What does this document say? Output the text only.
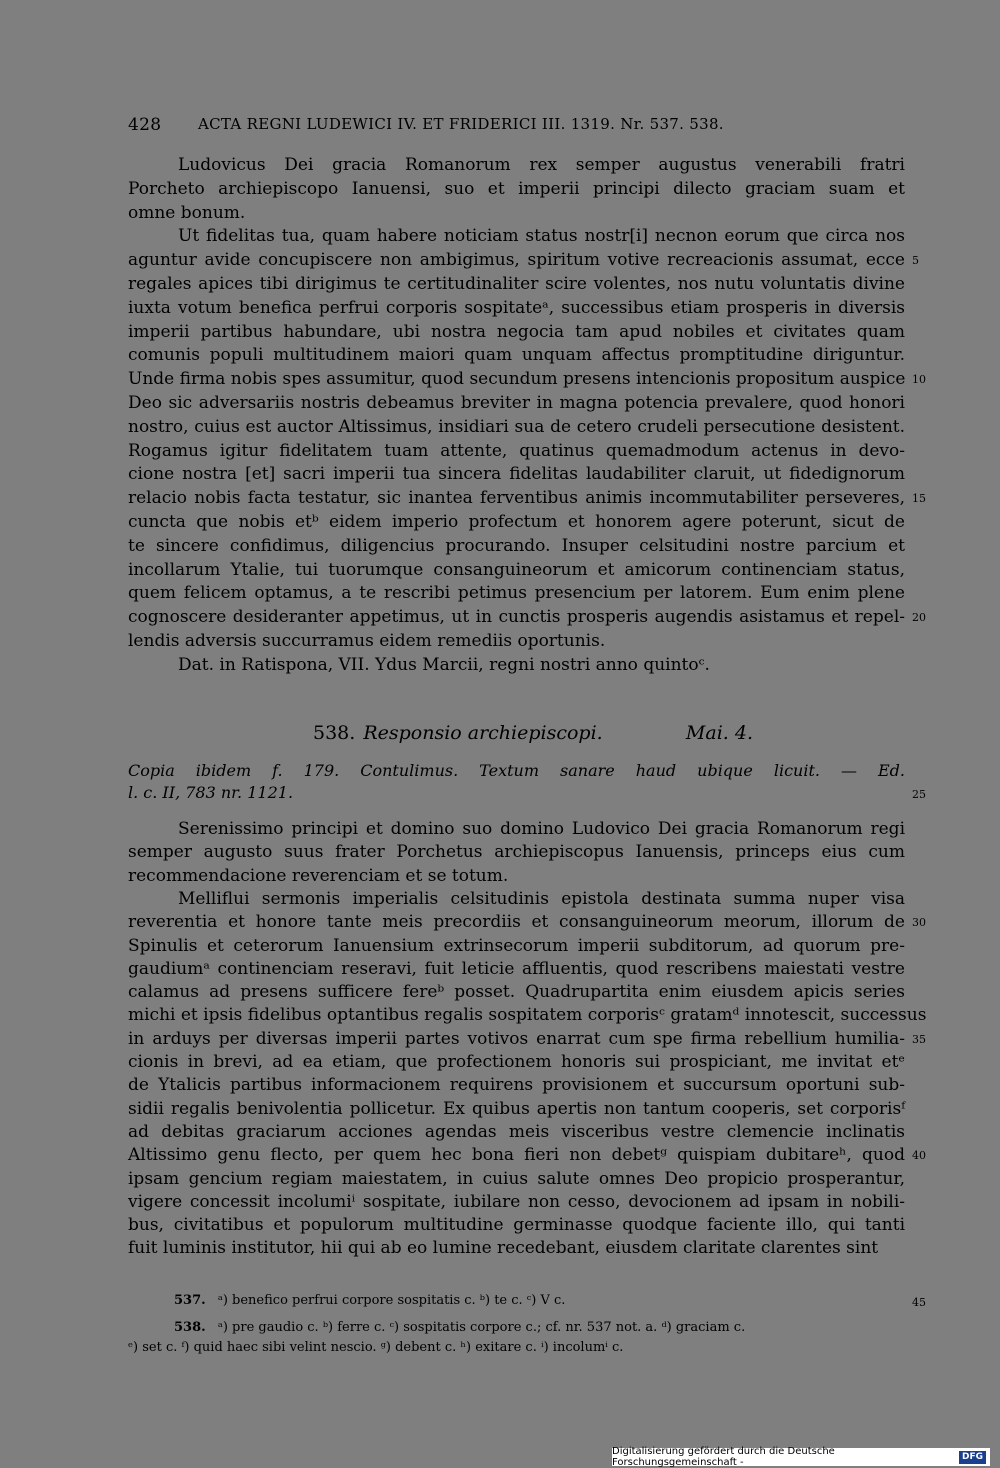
428	ACTA REGNI LUDEWICI IV. ET FRIDERICI III. 1319. Nr. 537. 538.
Ludovicus Dei gracia Romanorum rex semper augustus venerabili fratri
Porcheto archiepiscopo Ianuensi, suo et imperii principi dilecto graciam suam et
omne bonum.
Ut fidelitas tua, quam habere noticiam status nostr[i] necnon eorum que circa nos
aguntur avide concupiscere non ambigimus, spiritum votive recreacionis assumat, ecce
regales apices tibi dirigimus te certitudinaliter scire volentes, nos nutu voluntatis divine
iuxta votum benefica perfrui corporis sospitateᵃ, successibus etiam prosperis in diversis
imperii partibus habundare, ubi nostra negocia tam apud nobiles et civitates quam
comunis populi multitudinem maiori quam unquam affectus promptitudine diriguntur.
Unde firma nobis spes assumitur, quod secundum presens intencionis propositum auspice
Deo sic adversariis nostris debeamus breviter in magna potencia prevalere, quod honori
nostro, cuius est auctor Altissimus, insidiari sua de cetero crudeli persecutione desistent.
Rogamus igitur fidelitatem tuam attente, quatinus quemadmodum actenus in devo-
cione nostra [et] sacri imperii tua sincera fidelitas laudabiliter claruit, ut fidedignorum
relacio nobis facta testatur, sic inantea ferventibus animis incommutabiliter perseveres,
cuncta que nobis etᵇ eidem imperio profectum et honorem agere poterunt, sicut de
te sincere confidimus, diligencius procurando. Insuper celsitudini nostre parcium et
incollarum Ytalie, tui tuorumque consanguineorum et amicorum continenciam status,
quem felicem optamus, a te rescribi petimus presencium per latorem. Eum enim plene
cognoscere desideranter appetimus, ut in cunctis prosperis augendis asistamus et repel-
lendis adversis succurramus eidem remediis oportunis.
Dat. in Ratispona, VII. Ydus Marcii, regni nostri anno quintoᶜ.
538. Responsio archiepiscopi.	Mai. 4.
Copia ibidem f. 179. Contulimus. Textum sanare haud ubique licuit. — Ed.
l. c. II, 783 nr. 1121.	25
Serenissimo principi et domino suo domino Ludovico Dei gracia Romanorum regi
semper augusto suus frater Porchetus archiepiscopus Ianuensis, princeps eius cum
recommendacione reverenciam et se totum.
Mellifluі sermonis imperialis celsitudinis epistola destinata summa nuper visa
reverentia et honore tante meis precordiis et consanguineorum meorum, illorum de
Spinulis et ceterorum Ianuensium extrinsecorum imperii subditorum, ad quorum pre-
gaudiumᵃ continenciam reseravi, fuit leticie affluentis, quod rescribens maiestati vestre
calamus ad presens sufficere fereᵇ posset. Quadrupartita enim eiusdem apicis series
michi et ipsis fidelibus optantibus regalis sospitatem corporisᶜ gratamᵈ innotescit, successus
in arduys per diversas imperii partes votivos enarrat cum spe firma rebellium humilia-
cionis in brevi, ad ea etiam, que profectionem honoris sui prospiciant, me invitat etᵉ
de Ytalicis partibus informacionem requirens provisionem et succursum oportuni sub-
sidii regalis benivolentia pollicetur. Ex quibus apertis non tantum cooperis, set corporisᶠ
ad debitas graciarum acciones agendas meis visceribus vestre clemencie inclinatis
Altissimo genu flecto, per quem hec bona fieri non debetᵍ quispiam dubitareʰ, quod
ipsam gencium regiam maiestatem, in cuius salute omnes Deo propicio prosperantur,
vigere concessit incolumiⁱ sospitate, iubilare non cesso, devocionem ad ipsam in nobili-
bus, civitatibus et populorum multitudine germinasse quodque faciente illo, qui tanti
fuit luminis institutor, hii qui ab eo lumine recedebant, eiusdem claritate clarentes sint
537. ᵃ) benefico perfrui corpore sospitatis c. ᵇ) te c. ᶜ) V c.	45
538. ᵃ) pre gaudio c. ᵇ) ferre c. ᶜ) sospitatis corpore c.; cf. nr. 537 not. a. ᵈ) graciam c.
ᵉ) set c. ᶠ) quid haec sibi velint nescio. ᵍ) debent c. ʰ) exitare c. ⁱ) incolumⁱ c.
Digitalisierung gefördert durch die Deutsche Forschungsgemeinschaft -
DFG
5
10
15
20
30
35
40
